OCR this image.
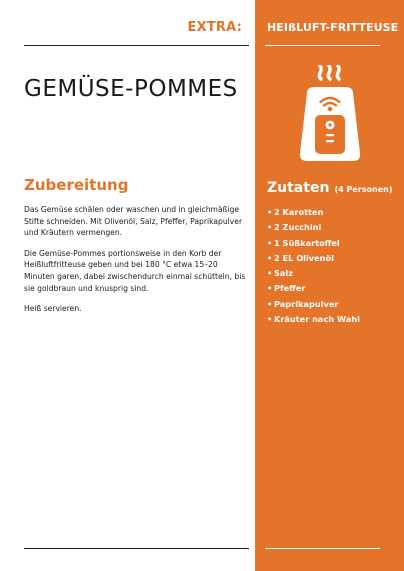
EXTRA: HEIßLUFT-FRITTEUSE
GEMÜSE-POMMES
Zubereitung

Das Gemüse schälen oder waschen und in gleichmäßige Stifte schneiden. Mit Olivenöl, Salz, Pfeffer, Paprikapulver und Kräutern vermengen.

Die Gemüse-Pommes portionsweise in den Korb der Heißluftfritteuse geben und bei 180 °C etwa 15–20 Minuten garen, dabei zwischendurch einmal schütteln, bis sie goldbraun und knusprig sind.

Heiß servieren.

Zutaten (4 Personen)
• 2 Karotten
• 2 Zucchini
• 1 Süßkartoffel
• 2 EL Olivenöl
• Salz
• Pfeffer
• Paprikapulver
• Kräuter nach Wahl
